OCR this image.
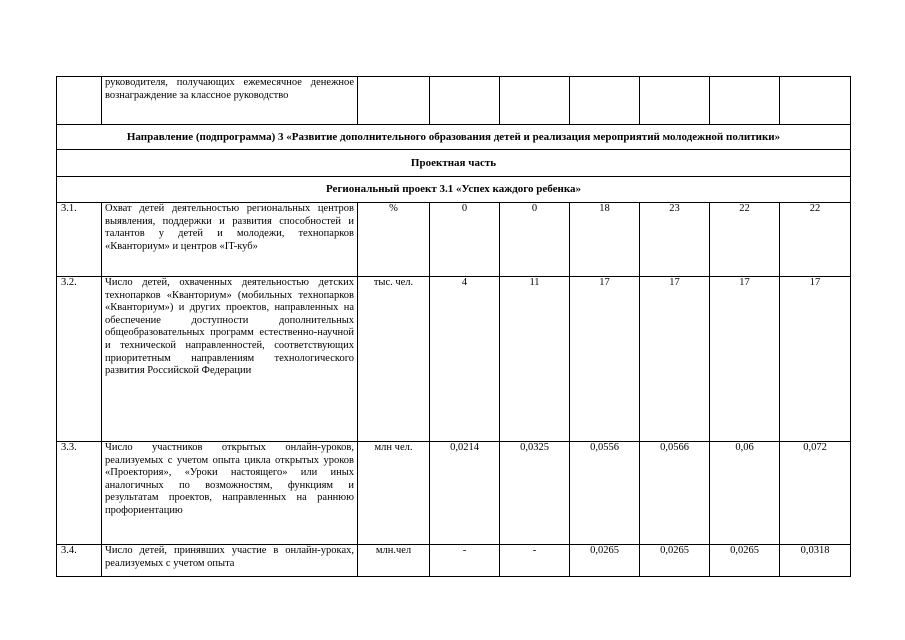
	руководителя, получающих ежемесячное денежное вознаграждение за классное руководство							
Направление (подпрограмма) 3 «Развитие дополнительного образования детей и реализация мероприятий молодежной политики»								
Проектная часть								
Региональный проект 3.1 «Успех каждого ребенка»								
3.1.	Охват детей деятельностью региональных центров выявления, поддержки и развития способностей и талантов у детей и молодежи, технопарков «Кванториум» и центров «IT-куб»	%	0	0	18	23	22	22
3.2.	Число детей, охваченных деятельностью детских технопарков «Кванториум» (мобильных технопарков «Кванториум») и других проектов, направленных на обеспечение доступности дополнительных общеобразовательных программ естественно-научной и технической направленностей, соответствующих приоритетным направлениям технологического развития Российской Федерации	тыс. чел.	4	11	17	17	17	17
3.3.	Число участников открытых онлайн-уроков, реализуемых с учетом опыта цикла открытых уроков «Проектория», «Уроки настоящего» или иных аналогичных по возможностям, функциям и результатам проектов, направленных на раннюю профориентацию	млн чел.	0,0214	0,0325	0,0556	0,0566	0,06	0,072
3.4.	Число детей, принявших участие в онлайн-уроках, реализуемых с учетом опыта	млн.чел	-	-	0,0265	0,0265	0,0265	0,0318
